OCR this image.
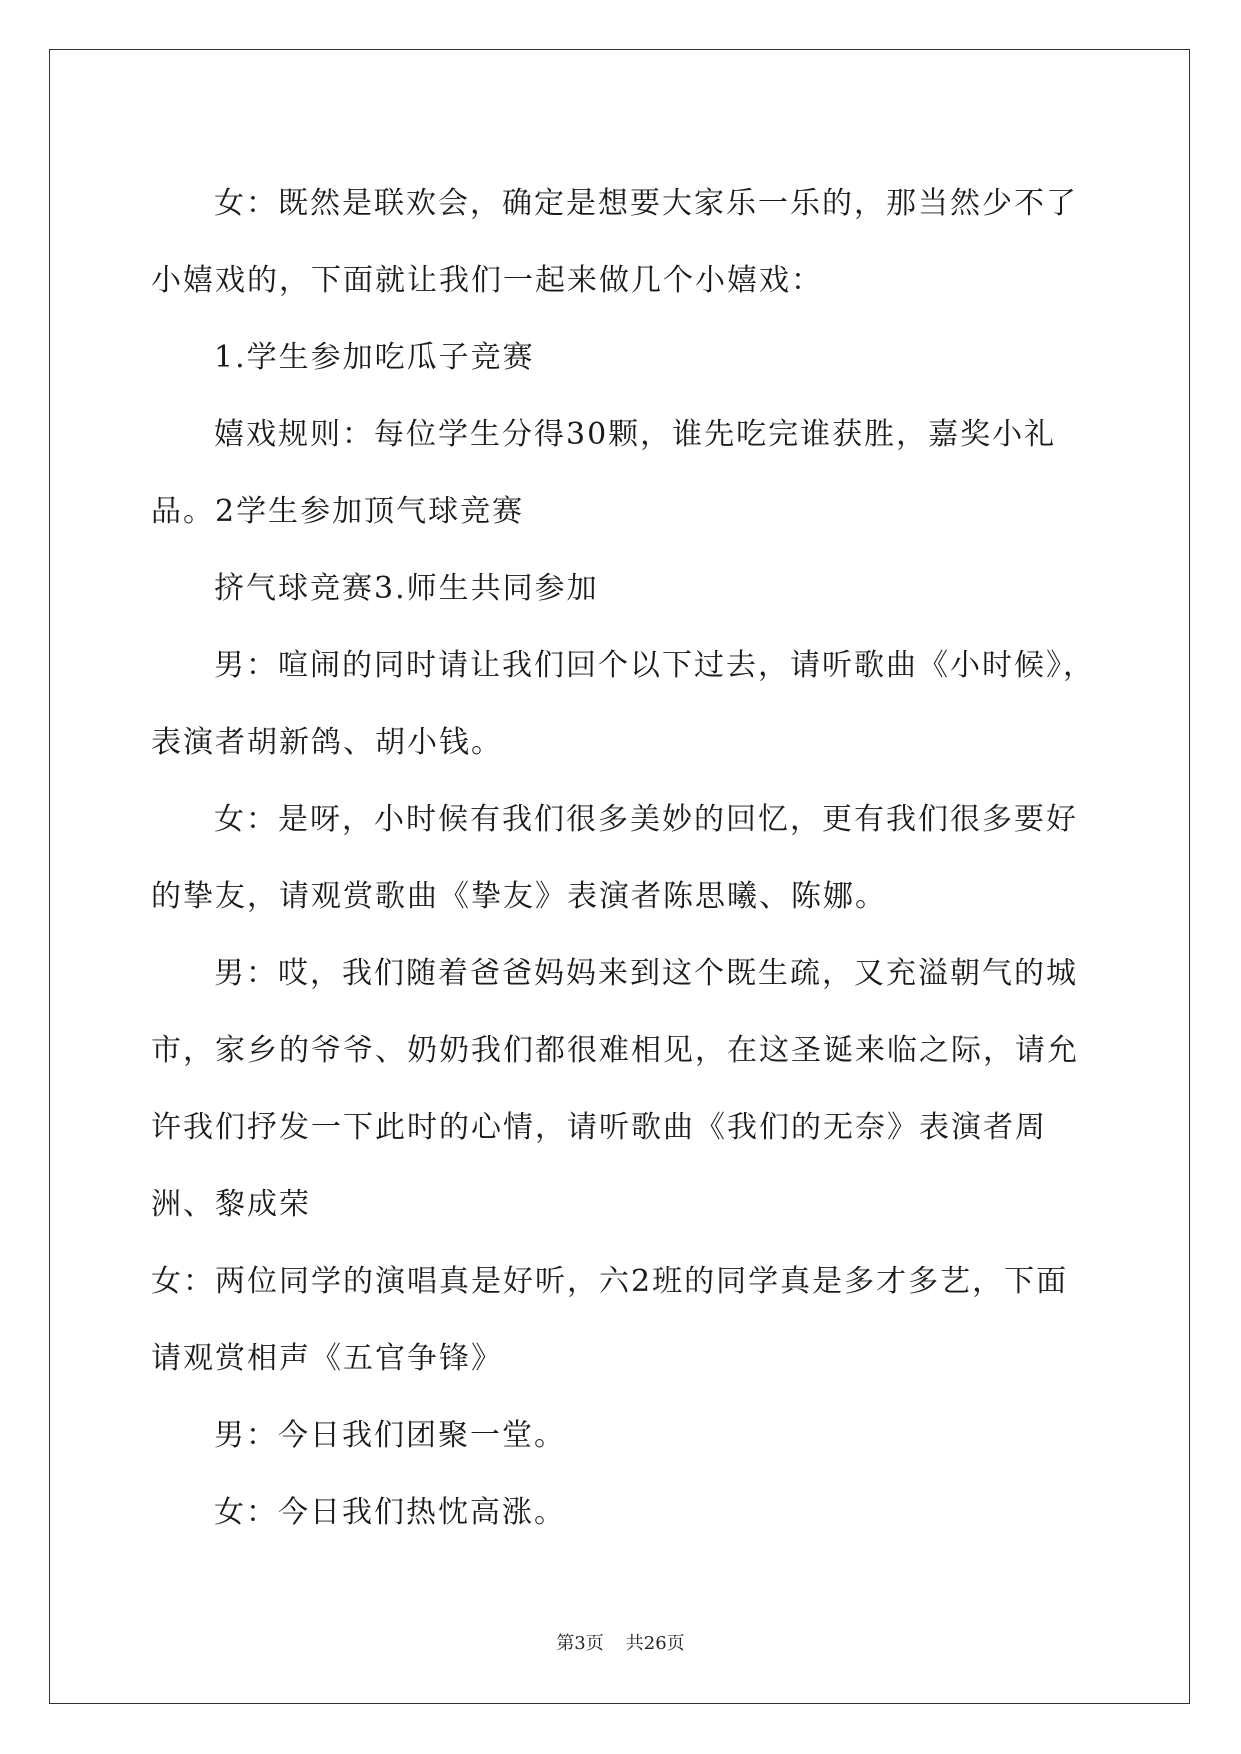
女：既然是联欢会，确定是想要大家乐一乐的，那当然少不了小嬉戏的，下面就让我们一起来做几个小嬉戏：

1.学生参加吃瓜子竞赛

嬉戏规则：每位学生分得30颗，谁先吃完谁获胜，嘉奖小礼品。2学生参加顶气球竞赛

挤气球竞赛3.师生共同参加

男：喧闹的同时请让我们回个以下过去，请听歌曲《小时候》，表演者胡新鸽、胡小钱。

女：是呀，小时候有我们很多美妙的回忆，更有我们很多要好的挚友，请观赏歌曲《挚友》表演者陈思曦、陈娜。

男：哎，我们随着爸爸妈妈来到这个既生疏，又充溢朝气的城市，家乡的爷爷、奶奶我们都很难相见，在这圣诞来临之际，请允许我们抒发一下此时的心情，请听歌曲《我们的无奈》表演者周洲、黎成荣

女：两位同学的演唱真是好听，六2班的同学真是多才多艺，下面请观赏相声《五官争锋》

男：今日我们团聚一堂。

女：今日我们热忱高涨。

第3页 共26页
